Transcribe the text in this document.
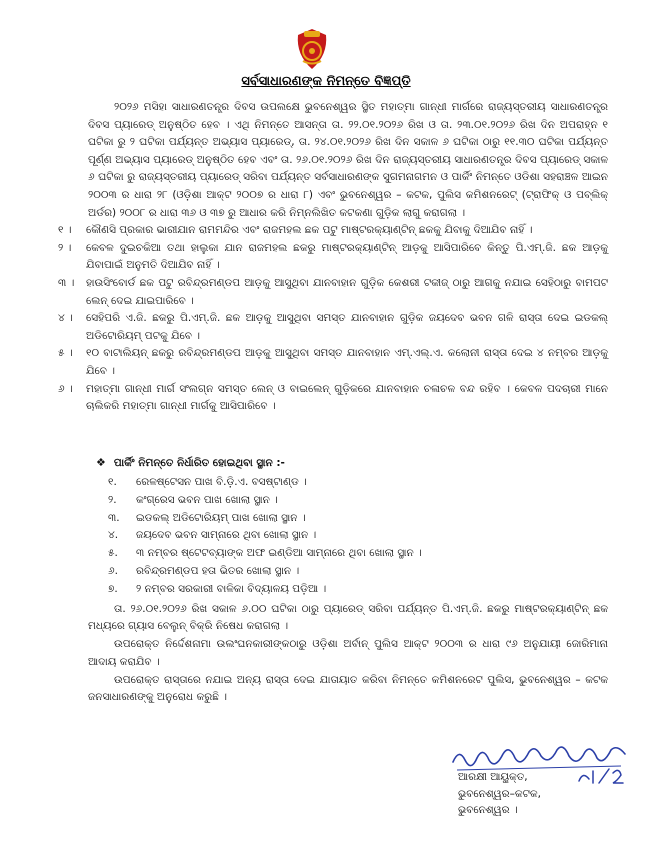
ସର୍ବସାଧାରଣଙ୍କ ନିମନ୍ତେ ବିଜ୍ଞପ୍ତି

୨୦୨୬ ମସିହା ସାଧାରଣତନ୍ତ୍ର ଦିବସ ଉପଲକ୍ଷେ ଭୁବନେଶ୍ୱର ସ୍ଥିତ ମହାତ୍ମା ଗାନ୍ଧୀ ମାର୍ଗରେ ରାଜ୍ୟସ୍ତରୀୟ ସାଧାରଣତନ୍ତ୍ର ଦିବସ ପ୍ୟାରେଡ୍ ଅନୁଷ୍ଠିତ ହେବ । ଏଥି ନିମନ୍ତେ ଆସନ୍ତା ତା. ୨୨.୦୧.୨୦୨୬ ରିଖ ଓ ତା. ୨୩.୦୧.୨୦୨୬ ରିଖ ଦିନ ଅପରାହ୍ନ ୧ ଘଟିକା ରୁ ୨ ଘଟିକା ପର୍ଯ୍ୟନ୍ତ ଅଭ୍ୟାସ ପ୍ୟାରେଡ୍, ତା. ୨୪.୦୧.୨୦୨୬ ରିଖ ଦିନ ସକାଳ ୬ ଘଟିକା ଠାରୁ ୧୧.୩୦ ଘଟିକା ପର୍ଯ୍ୟନ୍ତ ପୂର୍ଣ୍ଣ ଅଭ୍ୟାସ ପ୍ୟାରେଡ୍ ଅନୁଷ୍ଠିତ ହେବ ଏବଂ ତା. ୨୬.୦୧.୨୦୨୬ ରିଖ ଦିନ ରାଜ୍ୟସ୍ତରୀୟ ସାଧାରଣତନ୍ତ୍ର ଦିବସ ପ୍ୟାରେଡ୍ ସକାଳ ୬ ଘଟିକା ରୁ ରାଜ୍ୟସ୍ତରୀୟ ପ୍ୟାରେଡ୍ ସରିବା ପର୍ଯ୍ୟନ୍ତ ସର୍ବସାଧାରଣଙ୍କ ସୁଗମନାଗମନ ଓ ପାର୍କିଂ ନିମନ୍ତେ ଓଡିଶା ସହରାଞ୍ଚଳ ଆଇନ ୨୦୦୩ ର ଧାରା ୨୮ (ଓଡ଼ିଶା ଆକ୍ଟ ୨୦୦୭ ର ଧାରା ୮) ଏବଂ ଭୁବନେଶ୍ୱର – କଟକ, ପୁଲିସ କମିଶନରେଟ୍ (ଟ୍ରାଫିକ୍ ଓ ପବ୍ଲିକ୍ ଅର୍ଡର) ୨୦୦୮ ର ଧାରା ୩୬ ଓ ୩୭ ରୁ ଆଧାର କରି ନିମ୍ନଲିଖିତ କଟକଣା ଗୁଡ଼ିକ ଲାଗୁ କରାଗଲା ।

୧ ।	କୌଣସି ପ୍ରକାର ଭାରୀଯାନ ରାମମନ୍ଦିର ଏବଂ ରାଜମହଲ ଛକ ପଟୁ ମାଷ୍ଟରକ୍ୟାଣ୍ଟିନ୍ ଛକକୁ ଯିବାକୁ ଦିଆଯିବ ନାହିଁ ।
୨ ।	କେବଳ ଦୁଇଚକିଆ ତଥା ହାଲୁକା ଯାନ ରାଜମହଲ ଛକରୁ ମାଷ୍ଟରକ୍ୟାଣ୍ଟିନ୍ ଆଡ଼କୁ ଆସିପାରିବେ କିନ୍ତୁ ପି.ଏମ୍.ଜି. ଛକ ଆଡ଼କୁ ଯିବାପାଇଁ ଅନୁମତି ଦିଆଯିବ ନାହିଁ ।
୩ ।	ହାଉସିଂବୋର୍ଡ ଛକ ପଟୁ ରବିନ୍ଦ୍ରମଣ୍ଡପ ଆଡ଼କୁ ଆସୁଥିବା ଯାନବାହାନ ଗୁଡ଼ିକ କେଶରୀ ଟକୀଜ୍ ଠାରୁ ଆଗକୁ ନଯାଇ ସେହିଠାରୁ ବାମପଟ ଲେନ୍ ଦେଇ ଯାଇପାରିବେ ।
୪ ।	ସେହିପରି ଏ.ଜି. ଛକରୁ ପି.ଏମ୍.ଜି. ଛକ ଆଡ଼କୁ ଆସୁଥିବା ସମସ୍ତ ଯାନବାହାନ ଗୁଡ଼ିକ ଜୟଦେବ ଭବନ ଗଳି ରାସ୍ତା ଦେଇ ଇଡକଲ୍ ଅଡିଟୋରିୟମ୍ ପଟକୁ ଯିବେ ।
୫ ।	୧୦ ବାଟାଲିୟନ୍ ଛକରୁ ରବିନ୍ଦ୍ରମଣ୍ଡପ ଆଡ଼କୁ ଆସୁଥିବା ସମସ୍ତ ଯାନବାହାନ ଏମ୍.ଏଲ୍.ଏ. କଲୋନୀ ରାସ୍ତା ଦେଇ ୪ ନମ୍ବର ଆଡ଼କୁ ଯିବେ ।
୬ ।	ମହାତ୍ମା ଗାନ୍ଧୀ ମାର୍ଗ ସଂଲଗ୍ନ ସମସ୍ତ ଲେନ୍ ଓ ବାଇଲେନ୍ ଗୁଡ଼ିକରେ ଯାନବାହାନ ଚଳାଚଳ ବନ୍ଦ ରହିବ । କେବଳ ପଦଚାରୀ ମାନେ ଚାଲିକରି ମହାତ୍ମା ଗାନ୍ଧୀ ମାର୍ଗକୁ ଆସିପାରିବେ ।
❖ ପାର୍କିଂ ନିମନ୍ତେ ନିର୍ଧାରିତ ହୋଇଥିବା ସ୍ଥାନ :-
୧.	ରେଳଷ୍ଟେସନ ପାଖ ବି.ଡ଼ି.ଏ. ବସଷ୍ଟାଣ୍ଡ ।
୨.	କଂଗ୍ରେସ ଭବନ ପାଖ ଖୋଲା ସ୍ଥାନ ।
୩.	ଇଡକଲ୍ ଅଡିଟୋରିୟମ୍ ପାଖ ଖୋଲା ସ୍ଥାନ ।
୪.	ଜୟଦେବ ଭବନ ସାମ୍ନାରେ ଥିବା ଖୋଲା ସ୍ଥାନ ।
୫.	୩ ନମ୍ବର ଷ୍ଟେଟବ୍ୟାଙ୍କ ଅଫ ଇଣ୍ଡିଆ ସାମ୍ନାରେ ଥିବା ଖୋଲା ସ୍ଥାନ ।
୬.	ରବିନ୍ଦ୍ରମଣ୍ଡପ ହତା ଭିତର ଖୋଲା ସ୍ଥାନ ।
୭.	୨ ନମ୍ବର ସରକାରୀ ବାଳିକା ବିଦ୍ୟାଳୟ ପଡ଼ିଆ ।

ତା. ୨୬.୦୧.୨୦୨୬ ରିଖ ସକାଳ ୬.୦୦ ଘଟିକା ଠାରୁ ପ୍ୟାରେଡ୍ ସରିବା ପର୍ଯ୍ୟନ୍ତ ପି.ଏମ୍.ଜି. ଛକରୁ ମାଷ୍ଟରକ୍ୟାଣ୍ଟିନ୍ ଛକ ମଧ୍ୟରେ ଗ୍ୟାସ ବେଲୁନ୍ ବିକ୍ରି ନିଷେଧ କରାଗଲା ।

ଉପରୋକ୍ତ ନିର୍ଦ୍ଦେଶନାମା ଉଲଂଘନକାରୀଙ୍କଠାରୁ ଓଡ଼ିଶା ଅର୍ବାନ୍ ପୁଲିସ ଆକ୍ଟ ୨୦୦୩ ର ଧାରା ୯୬ ଅନୁଯାୟୀ ଜୋରିମାନା ଆଦାୟ କରାଯିବ ।

ଉପରୋକ୍ତ ରାସ୍ତାରେ ନଯାଇ ଅନ୍ୟ ରାସ୍ତା ଦେଇ ଯାତାୟାତ କରିବା ନିମନ୍ତେ କମିଶନରେଟ ପୁଲିସ, ଭୁବନେଶ୍ୱର – କଟକ ଜନସାଧାରଣଙ୍କୁ ଅନୁରୋଧ କରୁଛି ।

ଆରକ୍ଷୀ ଆୟୁକ୍ତ,
ଭୁବନେଶ୍ୱର–କଟକ,
ଭୁବନେଶ୍ୱର ।
